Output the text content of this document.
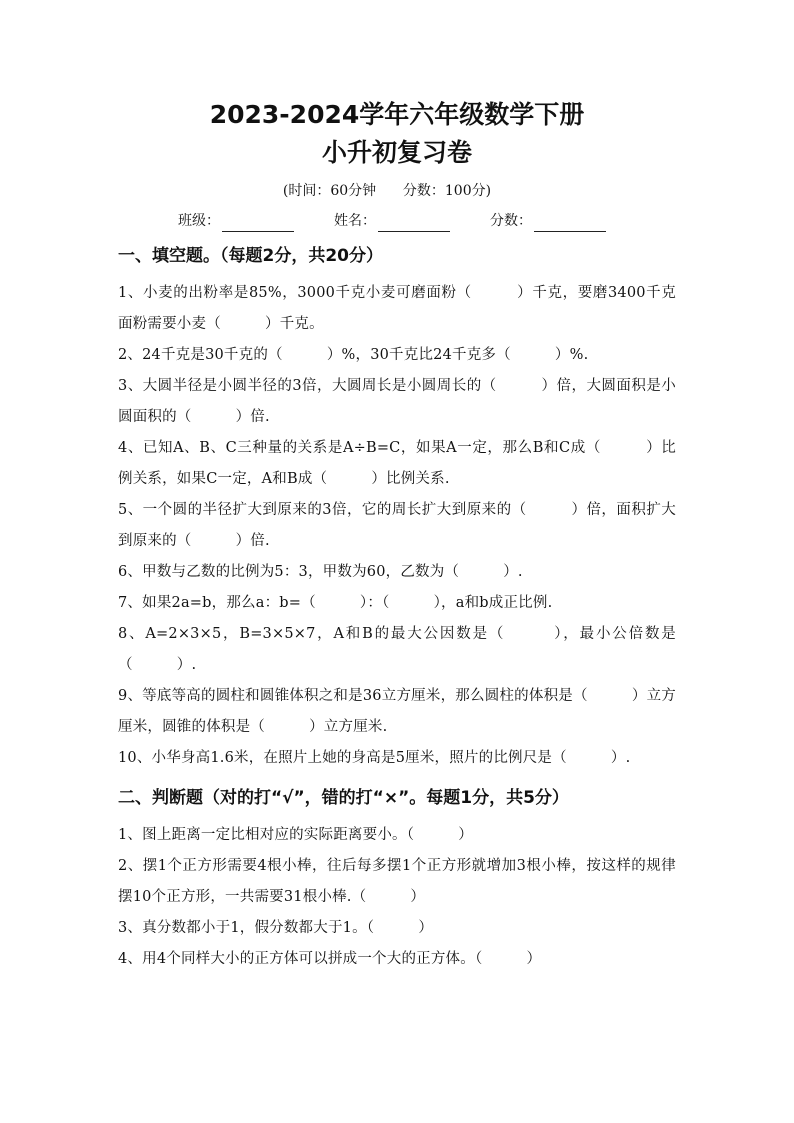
2023-2024学年六年级数学下册
小升初复习卷
(时间：60分钟 分数：100分)
班级：	姓名：	分数：
一、填空题。（每题2分，共20分）

1、小麦的出粉率是85%，3000千克小麦可磨面粉（　　　）千克，要磨3400千克面粉需要小麦（　　　）千克。

2、24千克是30千克的（　　　）%，30千克比24千克多（　　　）%.

3、大圆半径是小圆半径的3倍，大圆周长是小圆周长的（　　　）倍，大圆面积是小圆面积的（　　　）倍.

4、已知A、B、C三种量的关系是A÷B=C，如果A一定，那么B和C成（　　　）比例关系，如果C一定，A和B成（　　　）比例关系.

5、一个圆的半径扩大到原来的3倍，它的周长扩大到原来的（　　　）倍，面积扩大到原来的（　　　）倍.

6、甲数与乙数的比例为5：3，甲数为60，乙数为（　　　）.

7、如果2a=b，那么a：b=（　　　）：（　　　），a和b成正比例.

8、A=2×3×5，B=3×5×7，A和B的最大公因数是（　　　），最小公倍数是（　　　）.

9、等底等高的圆柱和圆锥体积之和是36立方厘米，那么圆柱的体积是（　　　）立方厘米，圆锥的体积是（　　　）立方厘米.

10、小华身高1.6米，在照片上她的身高是5厘米，照片的比例尺是（　　　）.

二、判断题（对的打“√”，错的打“×”。每题1分，共5分）

1、图上距离一定比相对应的实际距离要小。（　　　）

2、摆1个正方形需要4根小棒，往后每多摆1个正方形就增加3根小棒，按这样的规律摆10个正方形，一共需要31根小棒.（　　　）

3、真分数都小于1，假分数都大于1。（　　　）

4、用4个同样大小的正方体可以拼成一个大的正方体。（　　　）
